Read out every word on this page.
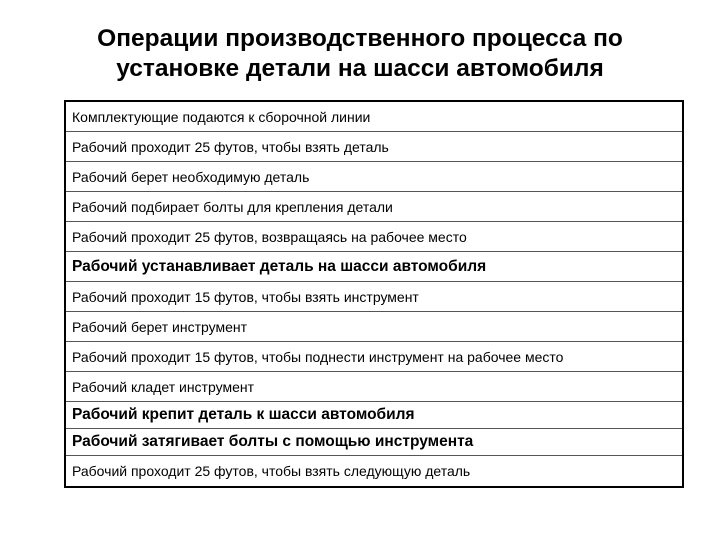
Операции производственного процесса по
установке детали на шасси автомобиля
Комплектующие подаются к сборочной линии
Рабочий проходит 25 футов, чтобы взять деталь
Рабочий берет необходимую деталь
Рабочий подбирает болты для крепления детали
Рабочий проходит 25 футов, возвращаясь на рабочее место
Рабочий устанавливает деталь на шасси автомобиля
Рабочий проходит 15 футов, чтобы взять инструмент
Рабочий берет инструмент
Рабочий проходит 15 футов, чтобы поднести инструмент на рабочее место
Рабочий кладет инструмент
Рабочий крепит деталь к шасси автомобиля
Рабочий затягивает болты с помощью инструмента
Рабочий проходит 25 футов, чтобы взять следующую деталь
